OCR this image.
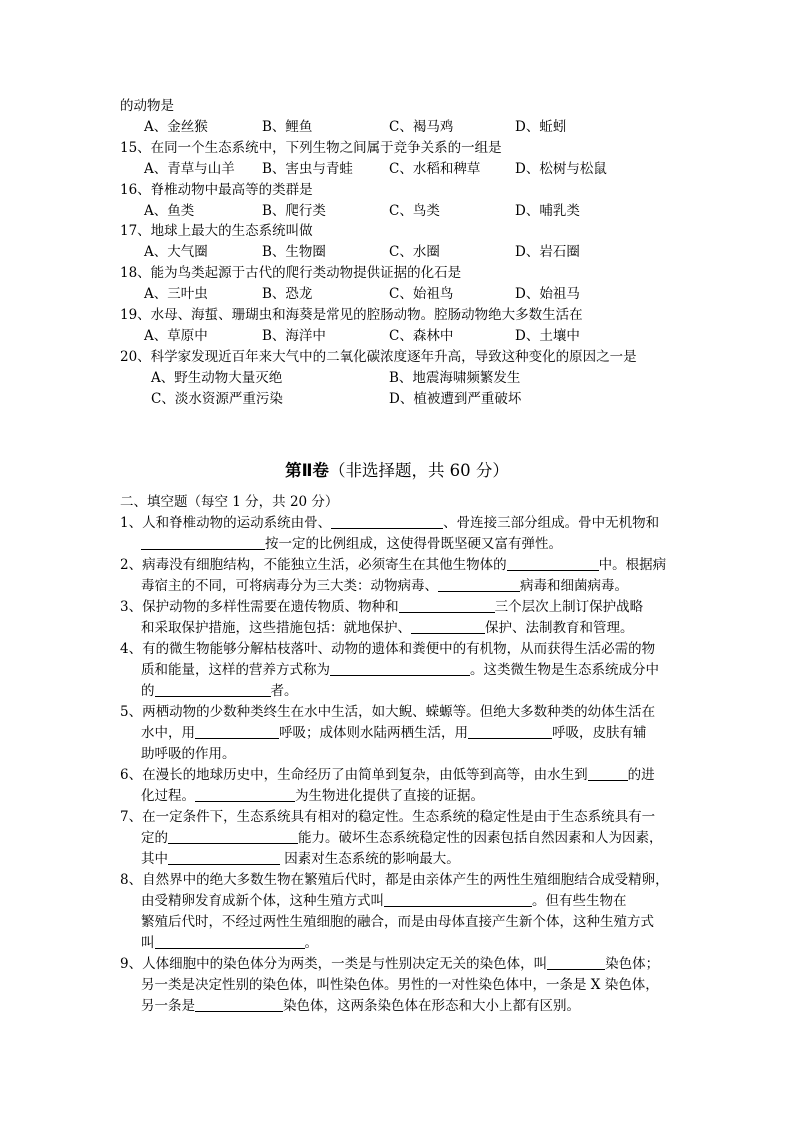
的动物是
A、金丝猴	B、鲤鱼	C、褐马鸡	D、蚯蚓
15、在同一个生态系统中，下列生物之间属于竞争关系的一组是
A、青草与山羊 B、害虫与青蛙	C、水稻和稗草	D、松树与松鼠
16、脊椎动物中最高等的类群是
A、鱼类	B、爬行类	C、鸟类	D、哺乳类
17、地球上最大的生态系统叫做
A、大气圈	B、生物圈	C、水圈	D、岩石圈
18、能为鸟类起源于古代的爬行类动物提供证据的化石是
A、三叶虫	B、恐龙	C、始祖鸟	D、始祖马
19、水母、海蜇、珊瑚虫和海葵是常见的腔肠动物。腔肠动物绝大多数生活在
A、草原中	B、海洋中	C、森林中	D、土壤中
20、科学家发现近百年来大气中的二氧化碳浓度逐年升高，导致这种变化的原因之一是
A、野生动物大量灭绝	B、地震海啸频繁发生
C、淡水资源严重污染	D、植被遭到严重破坏
第Ⅱ卷（非选择题，共 60 分）
二、填空题（每空 1 分，共 20 分）
1、人和脊椎动物的运动系统由骨、	、骨连接三部分组成。骨中无机物和
按一定的比例组成，这使得骨既坚硬又富有弹性。
2、病毒没有细胞结构，不能独立生活，必须寄生在其他生物体的	中。根据病
毒宿主的不同，可将病毒分为三大类：动物病毒、	病毒和细菌病毒。
3、保护动物的多样性需要在遗传物质、物种和	三个层次上制订保护战略
和采取保护措施，这些措施包括：就地保护、	保护、法制教育和管理。
4、有的微生物能够分解枯枝落叶、动物的遗体和粪便中的有机物，从而获得生活必需的物
质和能量，这样的营养方式称为	。这类微生物是生态系统成分中
的	者。
5、两栖动物的少数种类终生在水中生活，如大鲵、蝾螈等。但绝大多数种类的幼体生活在
水中，用	呼吸；成体则水陆两栖生活，用	呼吸，皮肤有辅
助呼吸的作用。
6、在漫长的地球历史中，生命经历了由简单到复杂，由低等到高等，由水生到	的进
化过程。	为生物进化提供了直接的证据。
7、在一定条件下，生态系统具有相对的稳定性。生态系统的稳定性是由于生态系统具有一
定的	能力。破坏生态系统稳定性的因素包括自然因素和人为因素，
其中	因素对生态系统的影响最大。
8、自然界中的绝大多数生物在繁殖后代时，都是由亲体产生的两性生殖细胞结合成受精卵，
由受精卵发育成新个体，这种生殖方式叫	。但有些生物在
繁殖后代时，不经过两性生殖细胞的融合，而是由母体直接产生新个体，这种生殖方式
叫	。
9、人体细胞中的染色体分为两类，一类是与性别决定无关的染色体，叫	染色体；
另一类是决定性别的染色体，叫性染色体。男性的一对性染色体中，一条是 X 染色体，
另一条是	染色体，这两条染色体在形态和大小上都有区别。
